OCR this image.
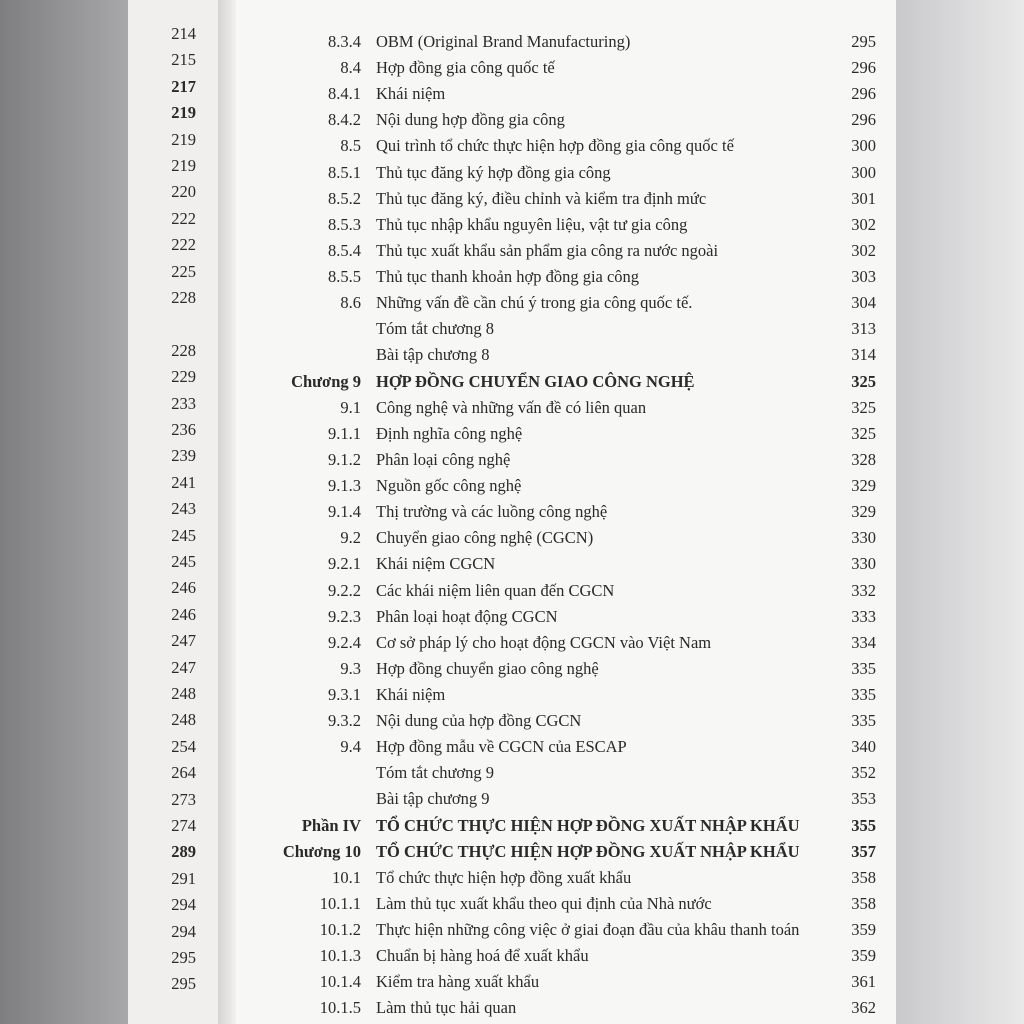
214
215
217
219
219
219
220
222
222
225
228
228
229
233
236
239
241
243
245
245
246
246
247
247
248
248
254
264
273
274
289
291
294
294
295
295
8.3.4 OBM (Original Brand Manufacturing)	295
8.4 Hợp đồng gia công quốc tế	296
8.4.1 Khái niệm	296
8.4.2 Nội dung hợp đồng gia công	296
8.5 Qui trình tổ chức thực hiện hợp đồng gia công quốc tế	300
8.5.1 Thủ tục đăng ký hợp đồng gia công	300
8.5.2 Thủ tục đăng ký, điều chỉnh và kiểm tra định mức	301
8.5.3 Thủ tục nhập khẩu nguyên liệu, vật tư gia công	302
8.5.4 Thủ tục xuất khẩu sản phẩm gia công ra nước ngoài	302
8.5.5 Thủ tục thanh khoản hợp đồng gia công	303
8.6 Những vấn đề cần chú ý trong gia công quốc tế.	304
Tóm tắt chương 8	313
Bài tập chương 8	314
Chương 9 HỢP ĐỒNG CHUYỂN GIAO CÔNG NGHỆ	325
9.1 Công nghệ và những vấn đề có liên quan	325
9.1.1 Định nghĩa công nghệ	325
9.1.2 Phân loại công nghệ	328
9.1.3 Nguồn gốc công nghệ	329
9.1.4 Thị trường và các luồng công nghệ	329
9.2 Chuyển giao công nghệ (CGCN)	330
9.2.1 Khái niệm CGCN	330
9.2.2 Các khái niệm liên quan đến CGCN	332
9.2.3 Phân loại hoạt động CGCN	333
9.2.4 Cơ sở pháp lý cho hoạt động CGCN vào Việt Nam	334
9.3 Hợp đồng chuyển giao công nghệ	335
9.3.1 Khái niệm	335
9.3.2 Nội dung của hợp đồng CGCN	335
9.4 Hợp đồng mẫu về CGCN của ESCAP	340
Tóm tắt chương 9	352
Bài tập chương 9	353
Phần IV TỔ CHỨC THỰC HIỆN HỢP ĐỒNG XUẤT NHẬP KHẨU	355
Chương 10 TỔ CHỨC THỰC HIỆN HỢP ĐỒNG XUẤT NHẬP KHẨU	357
10.1 Tổ chức thực hiện hợp đồng xuất khẩu	358
10.1.1 Làm thủ tục xuất khẩu theo qui định của Nhà nước	358
10.1.2 Thực hiện những công việc ở giai đoạn đầu của khâu thanh toán	359
10.1.3 Chuẩn bị hàng hoá để xuất khẩu	359
10.1.4 Kiểm tra hàng xuất khẩu	361
10.1.5 Làm thủ tục hải quan	362
